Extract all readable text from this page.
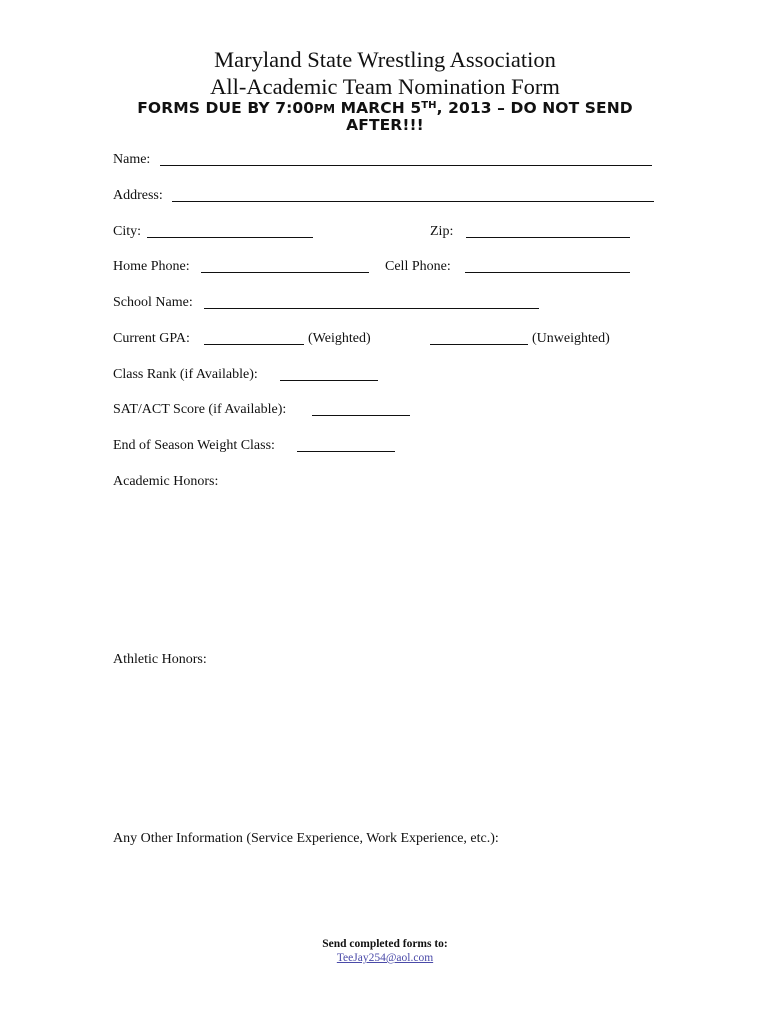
Maryland State Wrestling Association
All-Academic Team Nomination Form
FORMS DUE BY 7:00PM MARCH 5TH, 2013 – DO NOT SEND
AFTER!!!
Name:
Address:
City:	Zip:
Home Phone:	Cell Phone:
School Name:
Current GPA:	(Weighted)	(Unweighted)
Class Rank (if Available):
SAT/ACT Score (if Available):
End of Season Weight Class:
Academic Honors:
Athletic Honors:
Any Other Information (Service Experience, Work Experience, etc.):
Send completed forms to:
TeeJay254@aol.com
